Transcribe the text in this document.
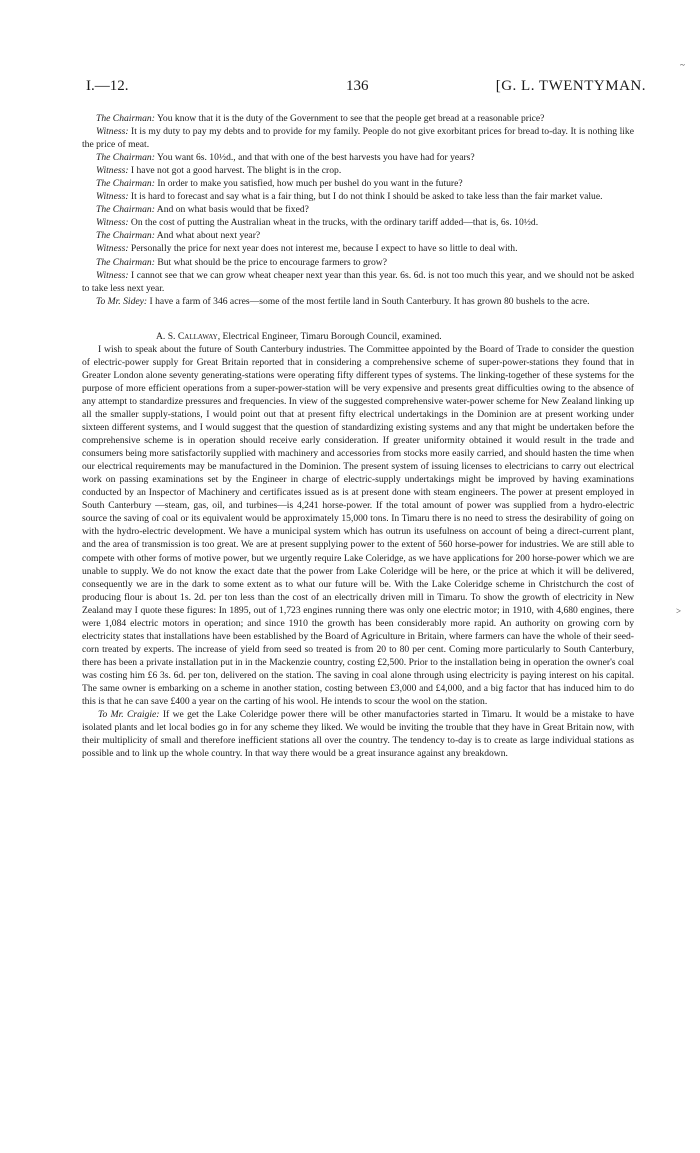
~
>
I.—12.	136	[G. L. TWENTYMAN.

The Chairman: You know that it is the duty of the Government to see that the people get bread at a reasonable price?

Witness: It is my duty to pay my debts and to provide for my family. People do not give exorbitant prices for bread to-day. It is nothing like the price of meat.

The Chairman: You want 6s. 10½d., and that with one of the best harvests you have had for years?

Witness: I have not got a good harvest. The blight is in the crop.

The Chairman: In order to make you satisfied, how much per bushel do you want in the future?

Witness: It is hard to forecast and say what is a fair thing, but I do not think I should be asked to take less than the fair market value.

The Chairman: And on what basis would that be fixed?

Witness: On the cost of putting the Australian wheat in the trucks, with the ordinary tariff added—that is, 6s. 10½d.

The Chairman: And what about next year?

Witness: Personally the price for next year does not interest me, because I expect to have so little to deal with.

The Chairman: But what should be the price to encourage farmers to grow?

Witness: I cannot see that we can grow wheat cheaper next year than this year. 6s. 6d. is not too much this year, and we should not be asked to take less next year.

To Mr. Sidey: I have a farm of 346 acres—some of the most fertile land in South Canterbury. It has grown 80 bushels to the acre.

A. S. Callaway, Electrical Engineer, Timaru Borough Council, examined.

I wish to speak about the future of South Canterbury industries. The Committee appointed by the Board of Trade to consider the question of electric-power supply for Great Britain reported that in considering a comprehensive scheme of super-power-stations they found that in Greater London alone seventy generating-stations were operating fifty different types of systems. The linking-together of these systems for the purpose of more efficient operations from a super-power-station will be very expensive and presents great difficulties owing to the absence of any attempt to standardize pressures and frequencies. In view of the suggested comprehensive water-power scheme for New Zealand linking up all the smaller supply-stations, I would point out that at present fifty electrical undertakings in the Dominion are at present working under sixteen different systems, and I would suggest that the question of standardizing existing systems and any that might be undertaken before the comprehensive scheme is in operation should receive early consideration. If greater uniformity obtained it would result in the trade and consumers being more satisfactorily supplied with machinery and accessories from stocks more easily carried, and should hasten the time when our electrical requirements may be manufactured in the Dominion. The present system of issuing licenses to electricians to carry out electrical work on passing examinations set by the Engineer in charge of electric-supply undertakings might be improved by having examinations conducted by an Inspector of Machinery and certificates issued as is at present done with steam engineers. The power at present employed in South Canterbury —steam, gas, oil, and turbines—is 4,241 horse-power. If the total amount of power was supplied from a hydro-electric source the saving of coal or its equivalent would be approximately 15,000 tons. In Timaru there is no need to stress the desirability of going on with the hydro-electric development. We have a municipal system which has outrun its usefulness on account of being a direct-current plant, and the area of transmission is too great. We are at present supplying power to the extent of 560 horse-power for industries. We are still able to compete with other forms of motive power, but we urgently require Lake Coleridge, as we have applications for 200 horse-power which we are unable to supply. We do not know the exact date that the power from Lake Coleridge will be here, or the price at which it will be delivered, consequently we are in the dark to some extent as to what our future will be. With the Lake Coleridge scheme in Christchurch the cost of producing flour is about 1s. 2d. per ton less than the cost of an electrically driven mill in Timaru. To show the growth of electricity in New Zealand may I quote these figures: In 1895, out of 1,723 engines running there was only one electric motor; in 1910, with 4,680 engines, there were 1,084 electric motors in operation; and since 1910 the growth has been considerably more rapid. An authority on growing corn by electricity states that installations have been established by the Board of Agriculture in Britain, where farmers can have the whole of their seed-corn treated by experts. The increase of yield from seed so treated is from 20 to 80 per cent. Coming more particularly to South Canterbury, there has been a private installation put in in the Mackenzie country, costing £2,500. Prior to the installation being in operation the owner's coal was costing him £6 3s. 6d. per ton, delivered on the station. The saving in coal alone through using electricity is paying interest on his capital. The same owner is embarking on a scheme in another station, costing between £3,000 and £4,000, and a big factor that has induced him to do this is that he can save £400 a year on the carting of his wool. He intends to scour the wool on the station.

To Mr. Craigie: If we get the Lake Coleridge power there will be other manufactories started in Timaru. It would be a mistake to have isolated plants and let local bodies go in for any scheme they liked. We would be inviting the trouble that they have in Great Britain now, with their multiplicity of small and therefore inefficient stations all over the country. The tendency to-day is to create as large individual stations as possible and to link up the whole country. In that way there would be a great insurance against any breakdown.
